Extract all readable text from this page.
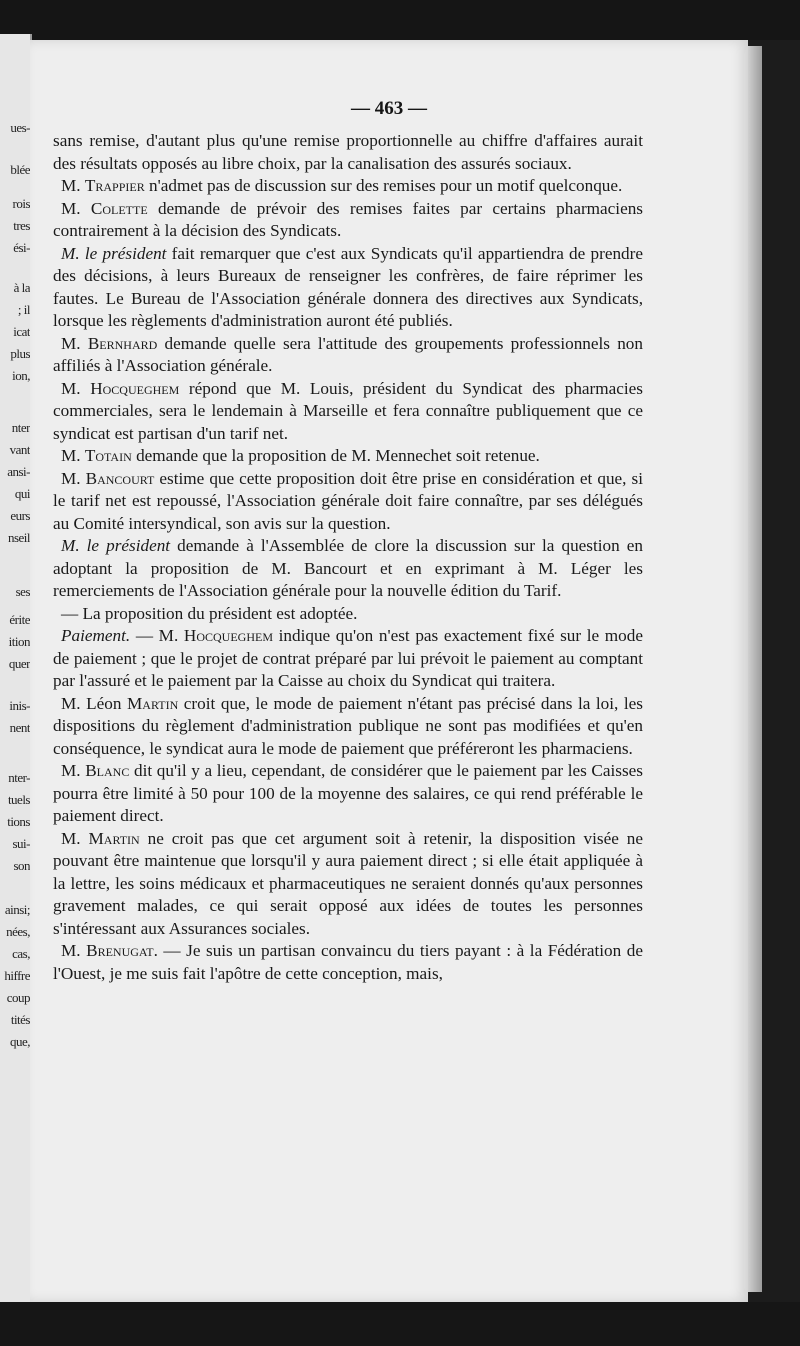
ues-
blée
rois
tres
ési-
à la
; il
icat
plus
ion,
nter
vant
ansi-
qui
eurs
nseil
ses
érite
ition
quer
inis-
nent
nter-
tuels
tions
sui-
son
ainsi;
nées,
cas,
hiffre
coup
tités
que,
— 463 —

sans remise, d'autant plus qu'une remise proportionnelle au chiffre d'affaires aurait des résultats opposés au libre choix, par la canalisation des assurés sociaux.

M. Trappier n'admet pas de discussion sur des remises pour un motif quelconque.

M. Colette demande de prévoir des remises faites par certains pharmaciens contrairement à la décision des Syndicats.

M. le président fait remarquer que c'est aux Syndicats qu'il appartiendra de prendre des décisions, à leurs Bureaux de renseigner les confrères, de faire réprimer les fautes. Le Bureau de l'Association générale donnera des directives aux Syndicats, lorsque les règlements d'administration auront été publiés.

M. Bernhard demande quelle sera l'attitude des groupements professionnels non affiliés à l'Association générale.

M. Hocqueghem répond que M. Louis, président du Syndicat des pharmacies commerciales, sera le lendemain à Marseille et fera connaître publiquement que ce syndicat est partisan d'un tarif net.

M. Totain demande que la proposition de M. Mennechet soit retenue.

M. Bancourt estime que cette proposition doit être prise en considération et que, si le tarif net est repoussé, l'Association générale doit faire connaître, par ses délégués au Comité intersyndical, son avis sur la question.

M. le président demande à l'Assemblée de clore la discussion sur la question en adoptant la proposition de M. Bancourt et en exprimant à M. Léger les remerciements de l'Association générale pour la nouvelle édition du Tarif.

— La proposition du président est adoptée.

Paiement. — M. Hocqueghem indique qu'on n'est pas exactement fixé sur le mode de paiement ; que le projet de contrat préparé par lui prévoit le paiement au comptant par l'assuré et le paiement par la Caisse au choix du Syndicat qui traitera.

M. Léon Martin croit que, le mode de paiement n'étant pas précisé dans la loi, les dispositions du règlement d'administration publique ne sont pas modifiées et qu'en conséquence, le syndicat aura le mode de paiement que préféreront les pharmaciens.

M. Blanc dit qu'il y a lieu, cependant, de considérer que le paiement par les Caisses pourra être limité à 50 pour 100 de la moyenne des salaires, ce qui rend préférable le paiement direct.

M. Martin ne croit pas que cet argument soit à retenir, la disposition visée ne pouvant être maintenue que lorsqu'il y aura paiement direct ; si elle était appliquée à la lettre, les soins médicaux et pharmaceutiques ne seraient donnés qu'aux personnes gravement malades, ce qui serait opposé aux idées de toutes les personnes s'intéressant aux Assurances sociales.

M. Brenugat. — Je suis un partisan convaincu du tiers payant : à la Fédération de l'Ouest, je me suis fait l'apôtre de cette conception, mais,
